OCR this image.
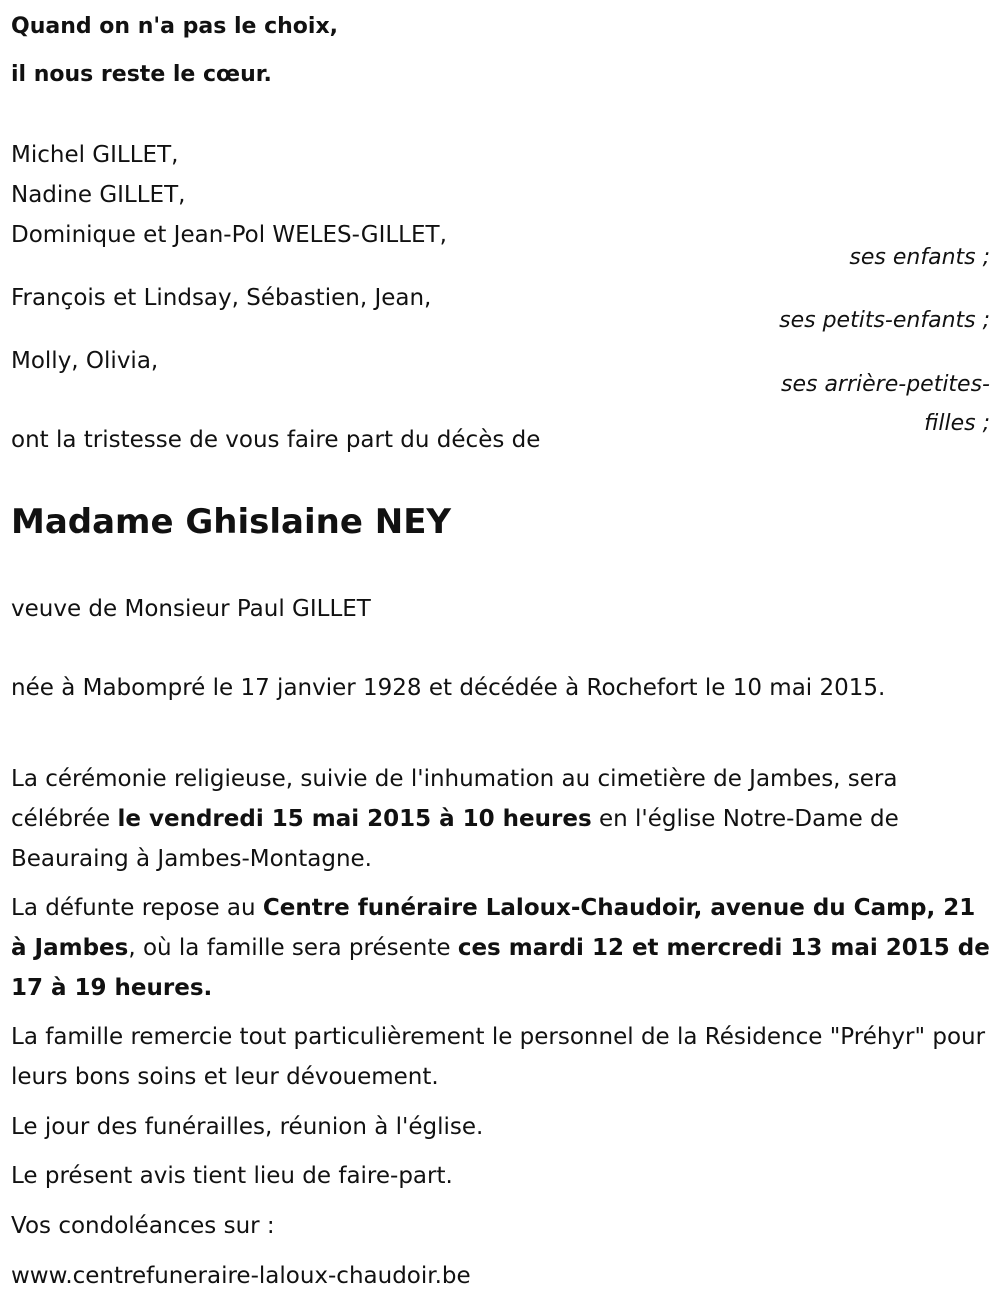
Quand on n'a pas le choix,

il nous reste le cœur.

Michel GILLET,

Nadine GILLET,

Dominique et Jean-Pol WELES-GILLET,

ses enfants ;

François et Lindsay, Sébastien, Jean,

ses petits-enfants ;

Molly, Olivia,

ses arrière-petites-
filles ;

ont la tristesse de vous faire part du décès de

Madame Ghislaine NEY

veuve de Monsieur Paul GILLET

née à Mabompré le 17 janvier 1928 et décédée à Rochefort le 10 mai 2015.

La cérémonie religieuse, suivie de l'inhumation au cimetière de Jambes, sera célébrée le vendredi 15 mai 2015 à 10 heures en l'église Notre-Dame de Beauraing à Jambes-Montagne.

La défunte repose au Centre funéraire Laloux-Chaudoir, avenue du Camp, 21 à Jambes, où la famille sera présente ces mardi 12 et mercredi 13 mai 2015 de 17 à 19 heures.

La famille remercie tout particulièrement le personnel de la Résidence "Préhyr" pour leurs bons soins et leur dévouement.

Le jour des funérailles, réunion à l'église.

Le présent avis tient lieu de faire-part.

Vos condoléances sur :

www.centrefuneraire-laloux-chaudoir.be
